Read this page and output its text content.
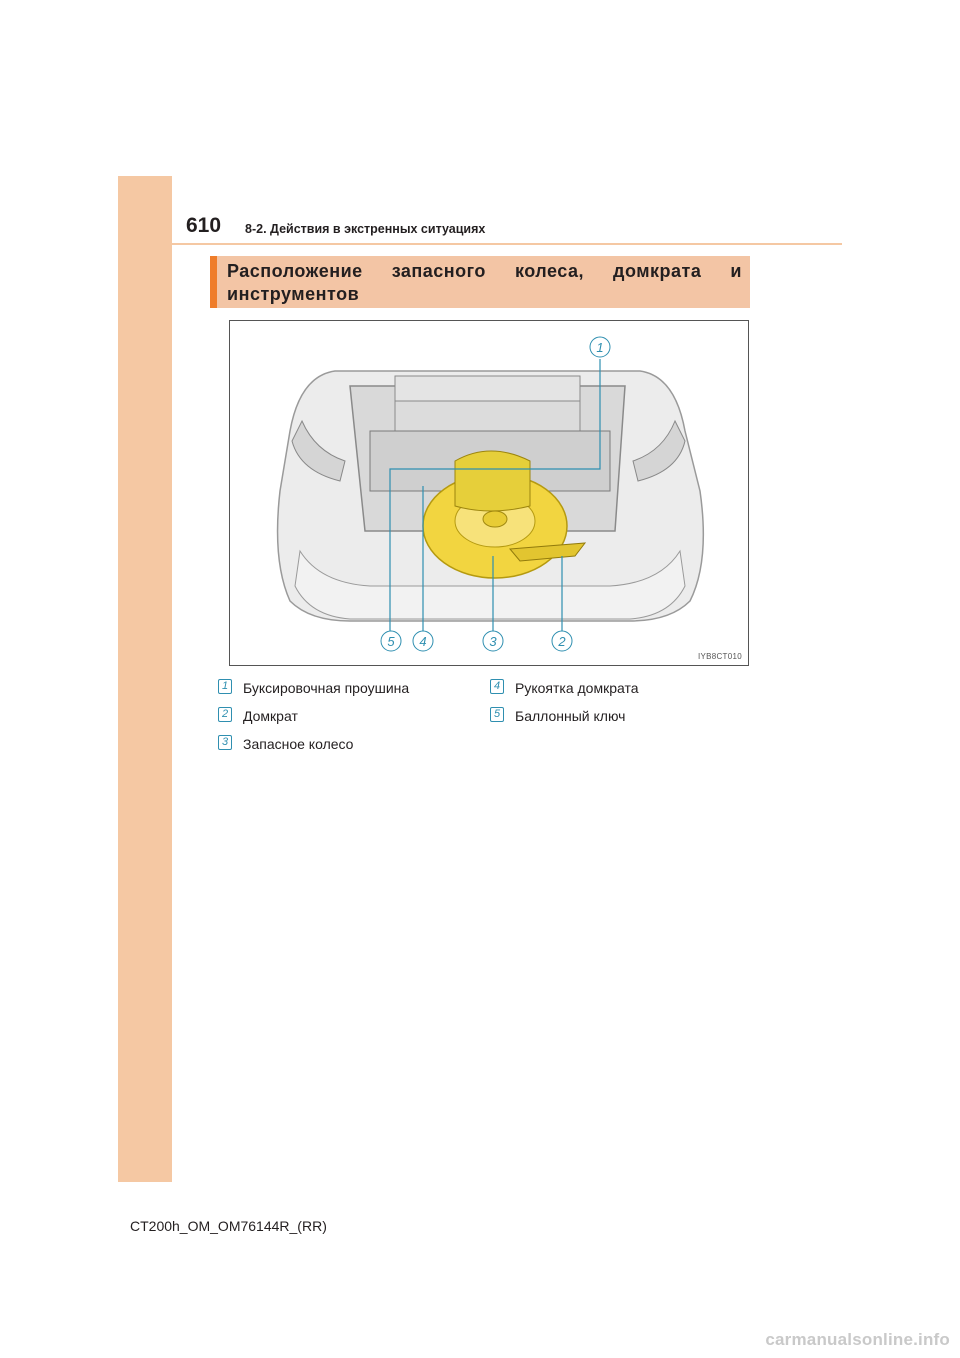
610 8-2. Действия в экстренных ситуациях

Расположение запасного колеса, домкрата и инструментов

1
2
3
4
5
IYB8CT010
1 Буксировочная проушина
2 Домкрат
3 Запасное колесо
4 Рукоятка домкрата
5 Баллонный ключ
CT200h_OM_OM76144R_(RR)
carmanualsonline.info
